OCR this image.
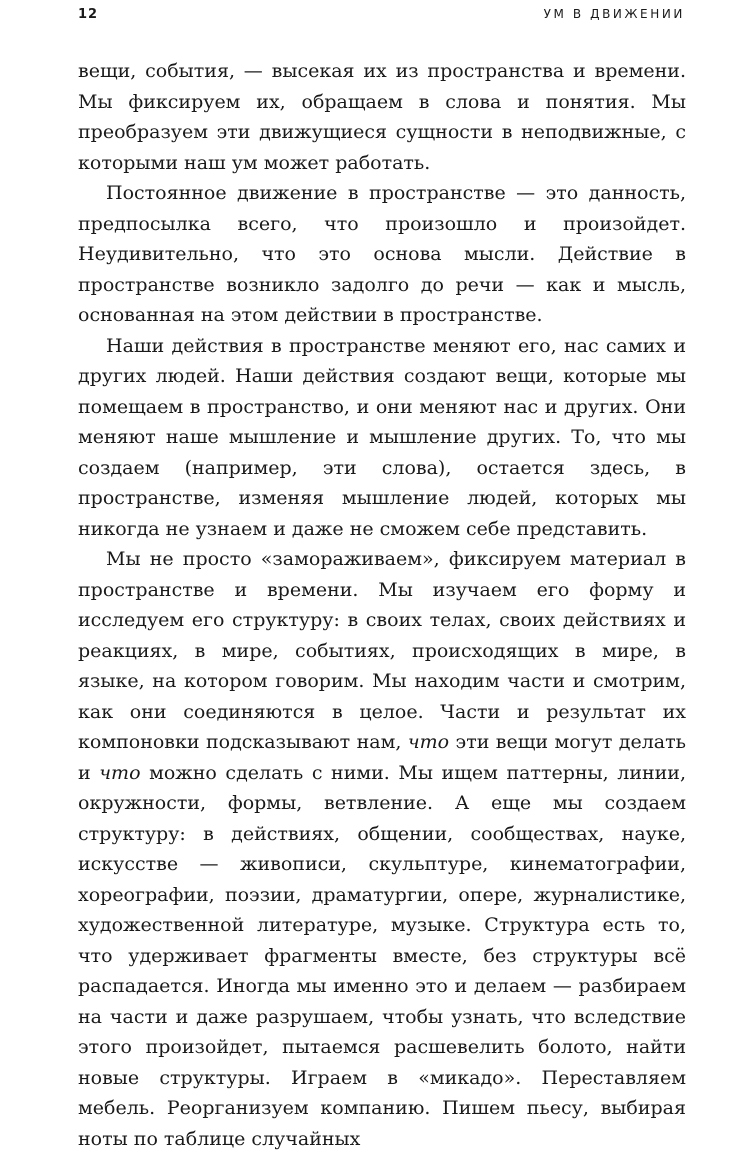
12	УМ В ДВИЖЕНИИ

вещи, события, — высекая их из пространства и времени. Мы фиксируем их, обращаем в слова и понятия. Мы преобразуем эти движущиеся сущности в неподвижные, с которыми наш ум может работать.

Постоянное движение в пространстве — это данность, предпосылка всего, что произошло и произойдет. Неудивительно, что это основа мысли. Действие в пространстве возникло задолго до речи — как и мысль, основанная на этом действии в пространстве.

Наши действия в пространстве меняют его, нас самих и других людей. Наши действия создают вещи, которые мы помещаем в пространство, и они меняют нас и других. Они меняют наше мышление и мышление других. То, что мы создаем (например, эти слова), остается здесь, в пространстве, изменяя мышление людей, которых мы никогда не узнаем и даже не сможем себе представить.

Мы не просто «замораживаем», фиксируем материал в пространстве и времени. Мы изучаем его форму и исследуем его структуру: в своих телах, своих действиях и реакциях, в мире, событиях, происходящих в мире, в языке, на котором говорим. Мы находим части и смотрим, как они соединяются в целое. Части и результат их компоновки подсказывают нам, что эти вещи могут делать и что можно сделать с ними. Мы ищем паттерны, линии, окружности, формы, ветвление. А еще мы создаем структуру: в действиях, общении, сообществах, науке, искусстве — живописи, скульптуре, кинематографии, хореографии, поэзии, драматургии, опере, журналистике, художественной литературе, музыке. Структура есть то, что удерживает фрагменты вместе, без структуры всё распадается. Иногда мы именно это и делаем — разбираем на части и даже разрушаем, чтобы узнать, что вследствие этого произойдет, пытаемся расшевелить болото, найти новые структуры. Играем в «микадо». Переставляем мебель. Реорганизуем компанию. Пишем пьесу, выбирая ноты по таблице случайных
